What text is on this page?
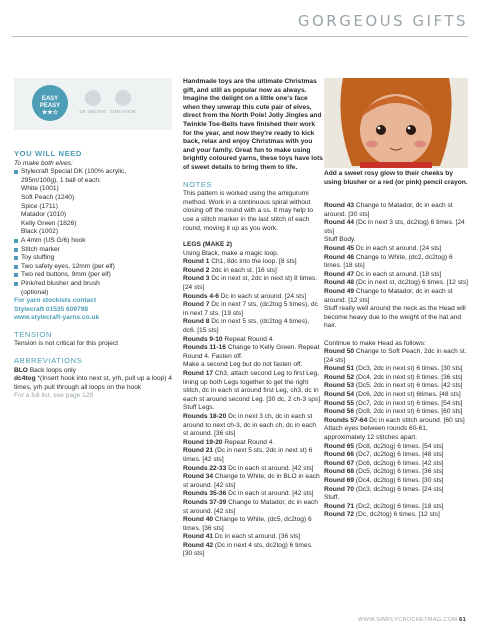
GORGEOUS GIFTS
EASY
PEASY
★★☆	DK WEIGHT 4MM HOOK
YOU WILL NEED

To make both elves:

Stylecraft Special DK (100% acrylic,
295m/100g), 1 ball of each:
White (1001)
Soft Peach (1240)
Spice (1711)
Matador (1010)
Kelly Green (1826)
Black (1002)
A 4mm (US G/6) hook
Stitch marker
Toy stuffing
Two safety eyes, 12mm (per elf)
Two red buttons, 9mm (per elf)
Pink/red blusher and brush
(optional)

For yarn stockists contact

Stylecraft 01535 609798

www.stylecraft-yarns.co.uk

TENSION

Tension is not critical for this project

ABBREVIATIONS

BLO Back loops only

dc4tog *(Insert hook into next st, yrh, pull up a loop) 4 times, yrh pull through all loops on the hook

For a full list, see page 128

Handmade toys are the ultimate Christmas gift, and still as popular now as always. Imagine the delight on a little one's face when they unwrap this cute pair of elves, direct from the North Pole! Jolly Jingles and Twinkle Toe-Bells have finished their work for the year, and now they're ready to kick back, relax and enjoy Christmas with you and your family. Great fun to make using brightly coloured yarns, these toys have lots of sweet details to bring them to life.

NOTES

This pattern is worked using the amigurumi method. Work in a continuous spiral without closing off the round with a ss. It may help to use a stitch marker in the last stitch of each round, moving it up as you work.

LEGS (MAKE 2)

Using Black, make a magic loop.

Round 1 Ch1, 8dc into the loop. [8 sts]

Round 2 2dc in each st. [16 sts]

Round 3 Dc in next st, 2dc in next st) 8 times. [24 sts]

Rounds 4-6 Dc in each st around. [24 sts]

Round 7 Dc in next 7 sts, (dc2tog 5 times), dc in next 7 sts. [19 sts]

Round 8 Dc in next 5 sts, (dc2tog 4 times), dc6. [15 sts]

Rounds 9-10 Repeat Round 4.

Rounds 11-16 Change to Kelly Green. Repeat Round 4. Fasten off.

Make a second Leg but do not fasten off.

Round 17 Ch3, attach second Leg to first Leg, lining up both Legs together to get the right stitch, dc in each st around first Leg, ch3, dc in each st around second Leg. [30 dc, 2 ch-3 sps].

Stuff Legs.

Rounds 18-20 Dc in next 3 ch, dc in each st around to next ch-3, dc in each ch, dc in each st around. [36 sts]

Round 19-20 Repeat Round 4.

Round 21 (Dc in next 5 sts, 2dc in next st) 6 times. [42 sts]

Rounds 22-33 Dc in each st around. [42 sts]

Round 34 Change to White, dc in BLO in each st around. [42 sts]

Rounds 35-36 Dc in each st around. [42 sts]

Rounds 37-39 Change to Matador, dc in each st around. [42 sts]

Round 40 Change to White, (dc5, dc2tog) 6 times. [36 sts]

Round 41 Dc in each st around. [36 sts]

Round 42 (Dc in next 4 sts, dc2tog) 6 times. [30 sts]

Add a sweet rosy glow to their cheeks by using blusher or a red (or pink) pencil crayon.

Round 43 Change to Matador, dc in each st around. [30 sts]

Round 44 (Dc in next 3 sts, dc2tog) 6 times. [24 sts]

Stuff Body.

Round 45 Dc in each st around. [24 sts]

Round 46 Change to White, (dc2, dc2tog) 6 times. [18 sts]

Round 47 Dc in each st around. [18 sts]

Round 48 (Dc in next st, dc2tog) 6 times. [12 sts]

Round 49 Change to Matador, dc in each st around. [12 sts]

Stuff really well around the neck as the Head will become heavy due to the weight of the hat and hair.

Continue to make Head as follows:

Round 50 Change to Soft Peach, 2dc in each st. [24 sts]

Round 51 (Dc3, 2dc in next st) 6 times. [30 sts]

Round 52 (Dc4, 2dc in next st) 6 times. [36 sts]

Round 53 (Dc5, 2dc in next st) 6 times. [42 sts]

Round 54 (Dc6, 2dc in next st) 6times. [48 sts]

Round 55 (Dc7, 2dc in next st) 6 times. [54 sts]

Round 56 (Dc8, 2dc in next st) 6 times. [60 sts]

Rounds 57-64 Dc in each stitch around. [60 sts]

Attach eyes between rounds 60-61, approximately 12 stitches apart.

Round 65 (Dc8, dc2tog) 6 times. [54 sts]

Round 66 (Dc7, dc2tog) 6 times. [48 sts]

Round 67 (Dc6, dc2tog) 6 times. [42 sts]

Round 68 (Dc5, dc2tog) 6 times. [36 sts]

Round 69 (Dc4, dc2tog) 6 times. [30 sts]

Round 70 (Dc3, dc2tog) 6 times. [24 sts]

Stuff.

Round 71 (Dc2, dc2tog) 6 times. [18 sts]

Round 72 (Dc, dc2tog) 6 times. [12 sts]

WWW.SIMPLYCROCHETMAG.COM 61
